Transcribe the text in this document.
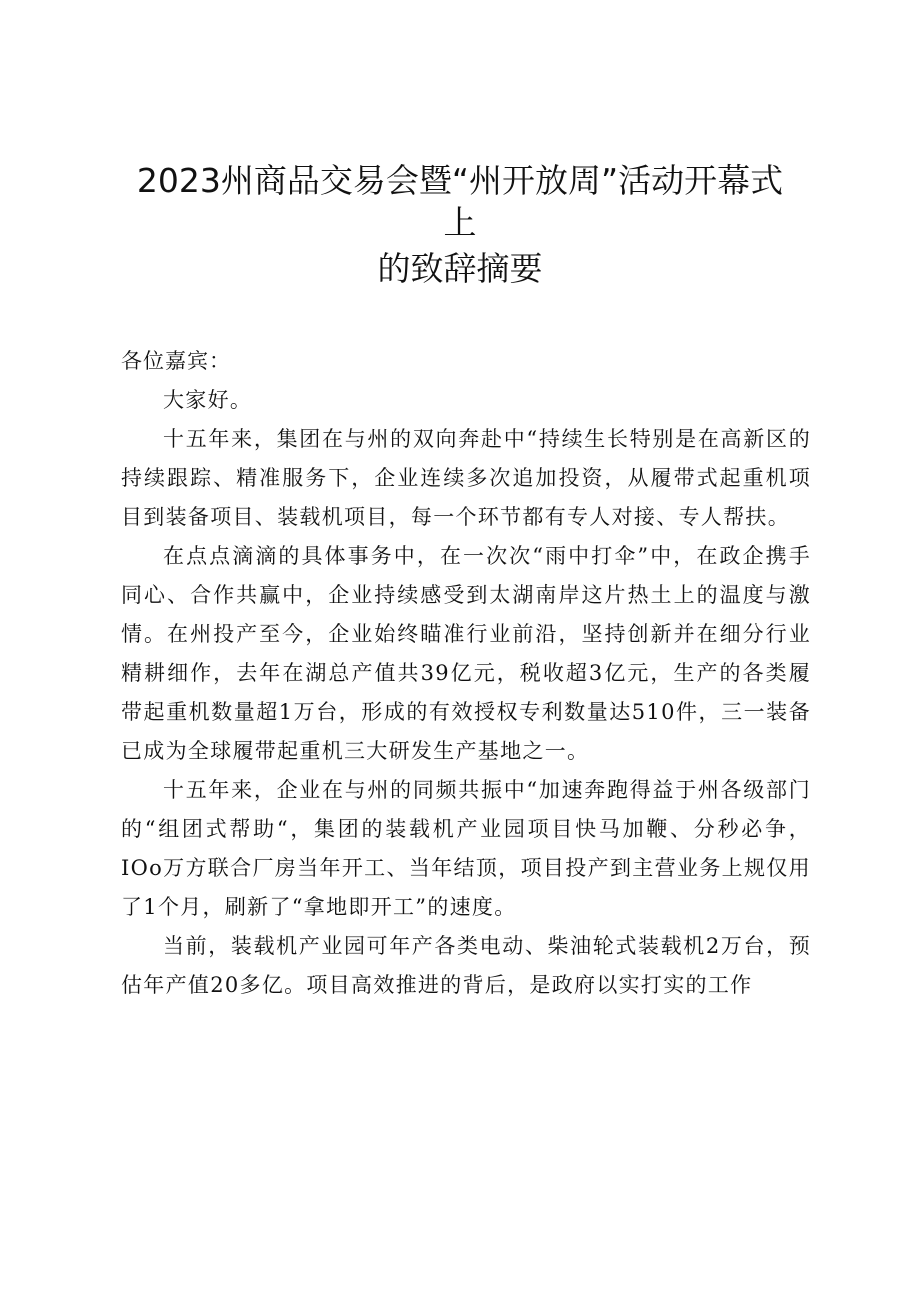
2023州商品交易会暨“州开放周”活动开幕式
上
的致辞摘要
各位嘉宾：

大家好。

十五年来，集团在与州的双向奔赴中“持续生长特别是在高新区的持续跟踪、精准服务下，企业连续多次追加投资，从履带式起重机项目到装备项目、装载机项目，每一个环节都有专人对接、专人帮扶。

在点点滴滴的具体事务中，在一次次“雨中打伞”中，在政企携手同心、合作共赢中，企业持续感受到太湖南岸这片热土上的温度与激情。在州投产至今，企业始终瞄准行业前沿，坚持创新并在细分行业精耕细作，去年在湖总产值共39亿元，税收超3亿元，生产的各类履带起重机数量超1万台，形成的有效授权专利数量达510件，三一装备已成为全球履带起重机三大研发生产基地之一。

十五年来，企业在与州的同频共振中“加速奔跑得益于州各级部门的“组团式帮助“，集团的装载机产业园项目快马加鞭、分秒必争，IOo万方联合厂房当年开工、当年结顶，项目投产到主营业务上规仅用了1个月，刷新了“拿地即开工”的速度。

当前，装载机产业园可年产各类电动、柴油轮式装载机2万台，预估年产值20多亿。项目高效推进的背后，是政府以实打实的工作
